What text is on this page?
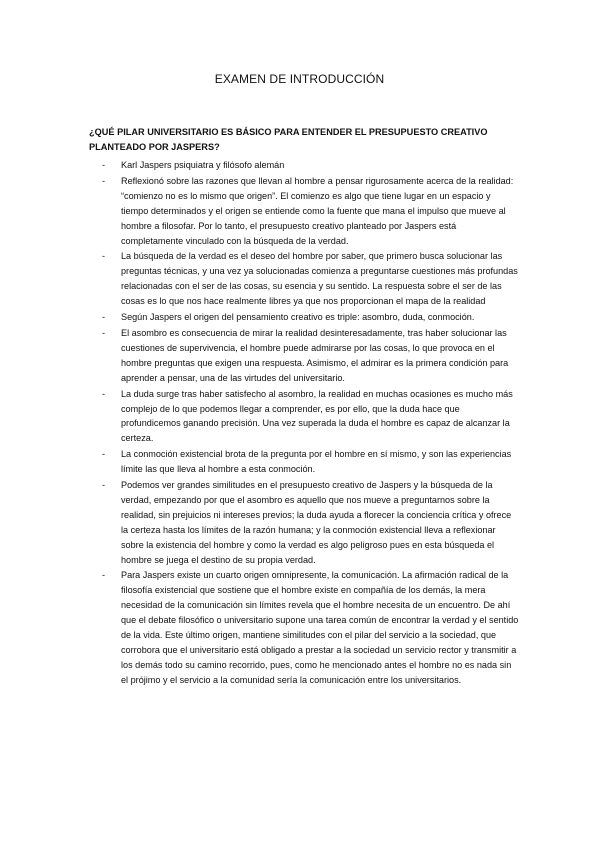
EXAMEN DE INTRODUCCIÓN
¿QUÉ PILAR UNIVERSITARIO ES BÁSICO PARA ENTENDER EL PRESUPUESTO CREATIVO PLANTEADO POR JASPERS?
- Karl Jaspers psiquiatra y filósofo alemán
- Reflexionó sobre las razones que llevan al hombre a pensar rigurosamente acerca de la realidad: “comienzo no es lo mismo que origen”. El comienzo es algo que tiene lugar en un espacio y tiempo determinados y el origen se entiende como la fuente que mana el impulso que mueve al hombre a filosofar. Por lo tanto, el presupuesto creativo planteado por Jaspers está completamente vinculado con la búsqueda de la verdad.
- La búsqueda de la verdad es el deseo del hombre por saber, que primero busca solucionar las preguntas técnicas, y una vez ya solucionadas comienza a preguntarse cuestiones más profundas relacionadas con el ser de las cosas, su esencia y su sentido. La respuesta sobre el ser de las cosas es lo que nos hace realmente libres ya que nos proporcionan el mapa de la realidad
- Según Jaspers el origen del pensamiento creativo es triple: asombro, duda, conmoción.
- El asombro es consecuencia de mirar la realidad desinteresadamente, tras haber solucionar las cuestiones de supervivencia, el hombre puede admirarse por las cosas, lo que provoca en el hombre preguntas que exigen una respuesta. Asimismo, el admirar es la primera condición para aprender a pensar, una de las virtudes del universitario.
- La duda surge tras haber satisfecho al asombro, la realidad en muchas ocasiones es mucho más complejo de lo que podemos llegar a comprender, es por ello, que la duda hace que profundicemos ganando precisión. Una vez superada la duda el hombre es capaz de alcanzar la certeza.
- La conmoción existencial brota de la pregunta por el hombre en sí mismo, y son las experiencias límite las que lleva al hombre a esta conmoción.
- Podemos ver grandes similitudes en el presupuesto creativo de Jaspers y la búsqueda de la verdad, empezando por que el asombro es aquello que nos mueve a preguntarnos sobre la realidad, sin prejuicios ni intereses previos; la duda ayuda a florecer la conciencia crítica y ofrece la certeza hasta los límites de la razón humana; y la conmoción existencial lleva a reflexionar sobre la existencia del hombre y como la verdad es algo peligroso pues en esta búsqueda el hombre se juega el destino de su propia verdad.
- Para Jaspers existe un cuarto origen omnipresente, la comunicación. La afirmación radical de la filosofía existencial que sostiene que el hombre existe en compañía de los demás, la mera necesidad de la comunicación sin límites revela que el hombre necesita de un encuentro. De ahí que el debate filosófico o universitario supone una tarea común de encontrar la verdad y el sentido de la vida. Este último origen, mantiene similitudes con el pilar del servicio a la sociedad, que corrobora que el universitario está obligado a prestar a la sociedad un servicio rector y transmitir a los demás todo su camino recorrido, pues, como he mencionado antes el hombre no es nada sin el prójimo y el servicio a la comunidad sería la comunicación entre los universitarios.
